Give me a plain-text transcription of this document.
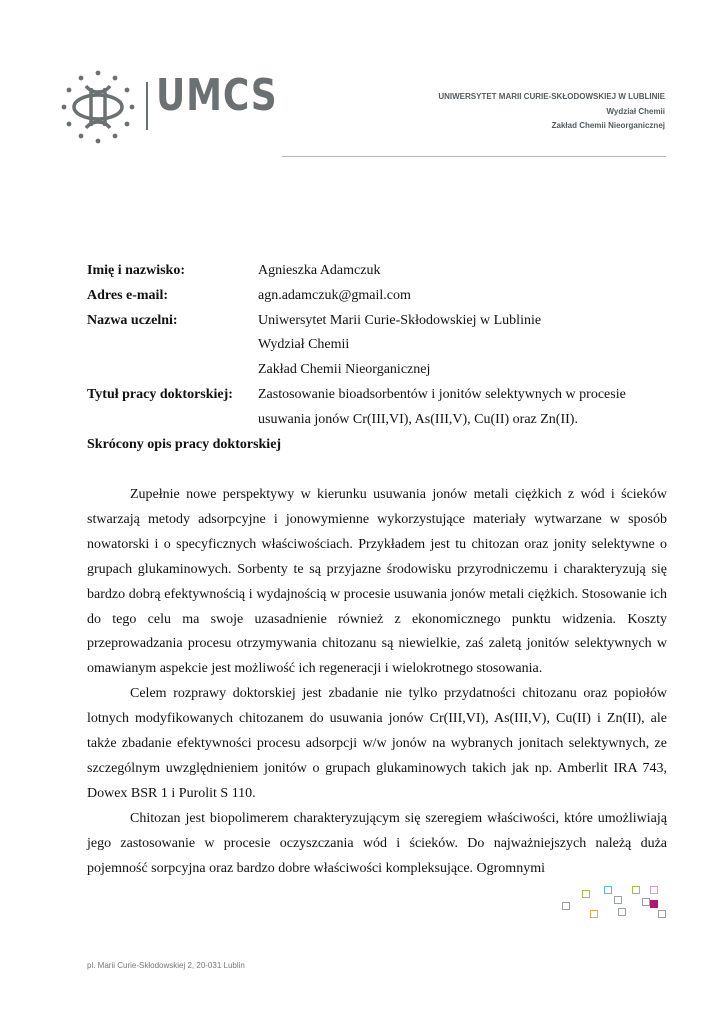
UMCS	UNIWERSYTET MARII CURIE-SKŁODOWSKIEJ W LUBLINIE
Wydział Chemii
Zakład Chemii Nieorganicznej
Imię i nazwisko:	Agnieszka Adamczuk
Adres e-mail:	agn.adamczuk@gmail.com
Nazwa uczelni:	Uniwersytet Marii Curie-Skłodowskiej w Lublinie
Wydział Chemii
Zakład Chemii Nieorganicznej
Tytuł pracy doktorskiej:	Zastosowanie bioadsorbentów i jonitów selektywnych w procesie
usuwania jonów Cr(III,VI), As(III,V), Cu(II) oraz Zn(II).
Skrócony opis pracy doktorskiej

Zupełnie nowe perspektywy w kierunku usuwania jonów metali ciężkich z wód i ścieków stwarzają metody adsorpcyjne i jonowymienne wykorzystujące materiały wytwarzane w sposób nowatorski i o specyficznych właściwościach. Przykładem jest tu chitozan oraz jonity selektywne o grupach glukaminowych. Sorbenty te są przyjazne środowisku przyrodniczemu i charakteryzują się bardzo dobrą efektywnością i wydajnością w procesie usuwania jonów metali ciężkich. Stosowanie ich do tego celu ma swoje uzasadnienie również z ekonomicznego punktu widzenia. Koszty przeprowadzania procesu otrzymywania chitozanu są niewielkie, zaś zaletą jonitów selektywnych w omawianym aspekcie jest możliwość ich regeneracji i wielokrotnego stosowania.

Celem rozprawy doktorskiej jest zbadanie nie tylko przydatności chitozanu oraz popiołów lotnych modyfikowanych chitozanem do usuwania jonów Cr(III,VI), As(III,V), Cu(II) i Zn(II), ale także zbadanie efektywności procesu adsorpcji w/w jonów na wybranych jonitach selektywnych, ze szczególnym uwzględnieniem jonitów o grupach glukaminowych takich jak np. Amberlit IRA 743, Dowex BSR 1 i Purolit S 110.

Chitozan jest biopolimerem charakteryzującym się szeregiem właściwości, które umożliwiają jego zastosowanie w procesie oczyszczania wód i ścieków. Do najważniejszych należą duża pojemność sorpcyjna oraz bardzo dobre właściwości kompleksujące. Ogromnymi

pl. Marii Curie-Skłodowskiej 2, 20-031 Lublin
